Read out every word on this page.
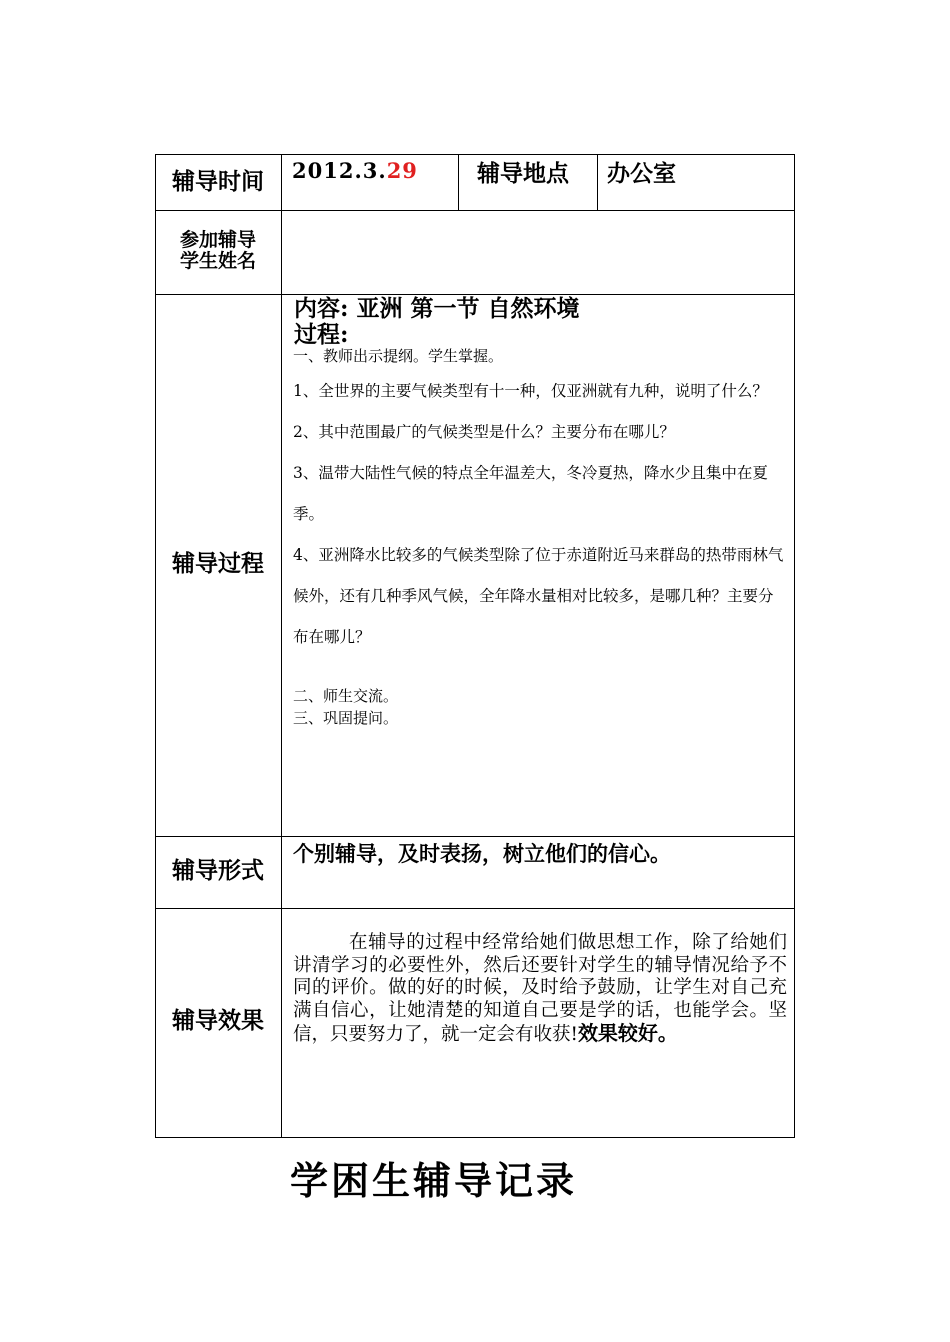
辅导时间	2012.3.29	辅导地点 办公室
参加辅导
学生姓名
辅导过程
内容: 亚洲 第一节 自然环境
过程:
一、教师出示提纲。学生掌握。
1、全世界的主要气候类型有十一种，仅亚洲就有九种，说明了什么？
2、其中范围最广的气候类型是什么？主要分布在哪儿？
3、温带大陆性气候的特点全年温差大，冬冷夏热，降水少且集中在夏季。
4、亚洲降水比较多的气候类型除了位于赤道附近马来群岛的热带雨林气候外，还有几种季风气候，全年降水量相对比较多，是哪几种？主要分布在哪儿？
二、师生交流。
三、巩固提问。
辅导形式
个别辅导，及时表扬，树立他们的信心。
辅导效果
在辅导的过程中经常给她们做思想工作，除了给她们讲清学习的必要性外，然后还要针对学生的辅导情况给予不同的评价。做的好的时候，及时给予鼓励，让学生对自己充满自信心，让她清楚的知道自己要是学的话，也能学会。坚信，只要努力了，就一定会有收获!效果较好。
学困生辅导记录
